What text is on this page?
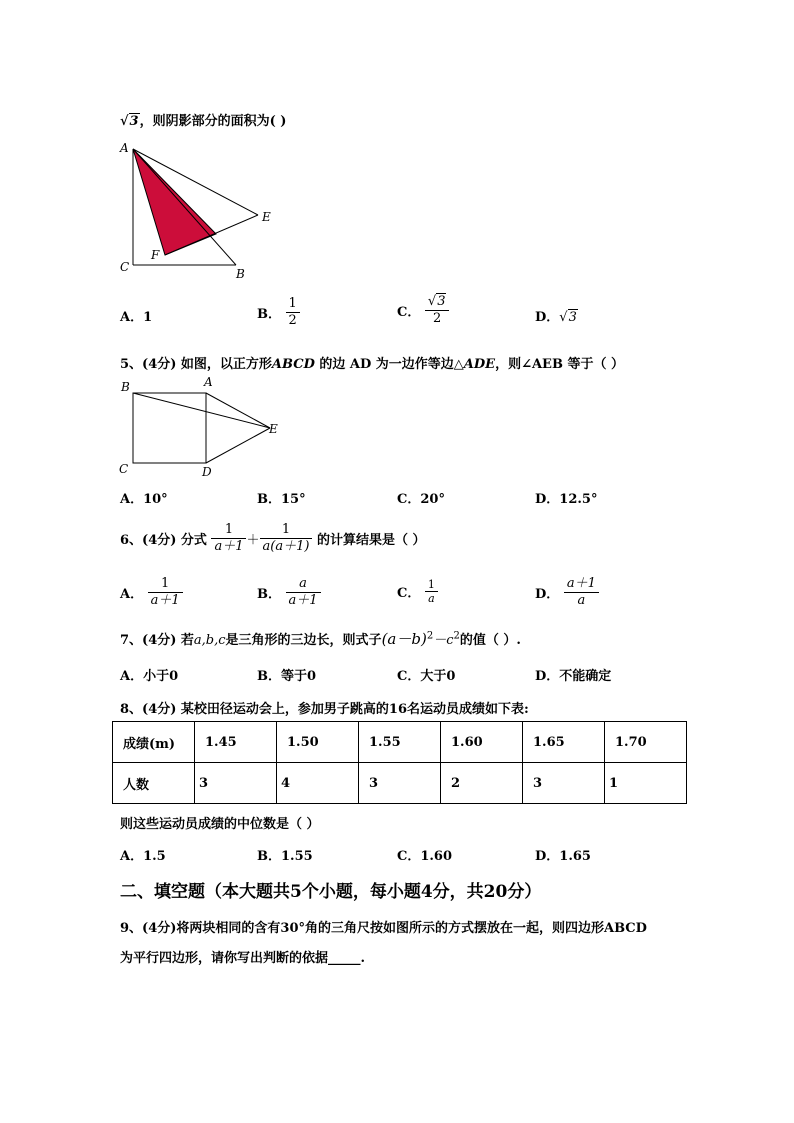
√3，则阴影部分的面积为( )
A
C
F
B
E
A．1	B． $\frac{1}{2}$	C． $\frac{√3}{2}$	D．√3
5、(4分) 如图，以正方形ABCD 的边 AD 为一边作等边△ADE，则∠AEB 等于（ ）
B	A
E
C	D
A．10°	B．15°	C．20°	D．12.5°
6、(4分) 分式 $\frac{1}{a+1} + \frac{1}{a(a+1)}$ 的计算结果是（ ）
A． $\frac{1}{a+1}$	B． $\frac{a}{a+1}$	C． $\frac{1}{a}$	D． $\frac{a+1}{a}$
7、(4分) 若a,b,c是三角形的三边长，则式子$(a-b)^2-c^2$的值（ ）.
A．小于0	B．等于0	C．大于0	D．不能确定
8、(4分) 某校田径运动会上，参加男子跳高的16名运动员成绩如下表:
成绩(m)	1.45	1.50	1.55	1.60	1.65	1.70
人数	3	4	3	2	3	1
则这些运动员成绩的中位数是（ ）
A．1.5	B．1.55	C．1.60	D．1.65
二、填空题（本大题共5个小题，每小题4分，共20分）
9、(4分)将两块相同的含有30°角的三角尺按如图所示的方式摆放在一起，则四边形ABCD
为平行四边形，请你写出判断的依据_____.
